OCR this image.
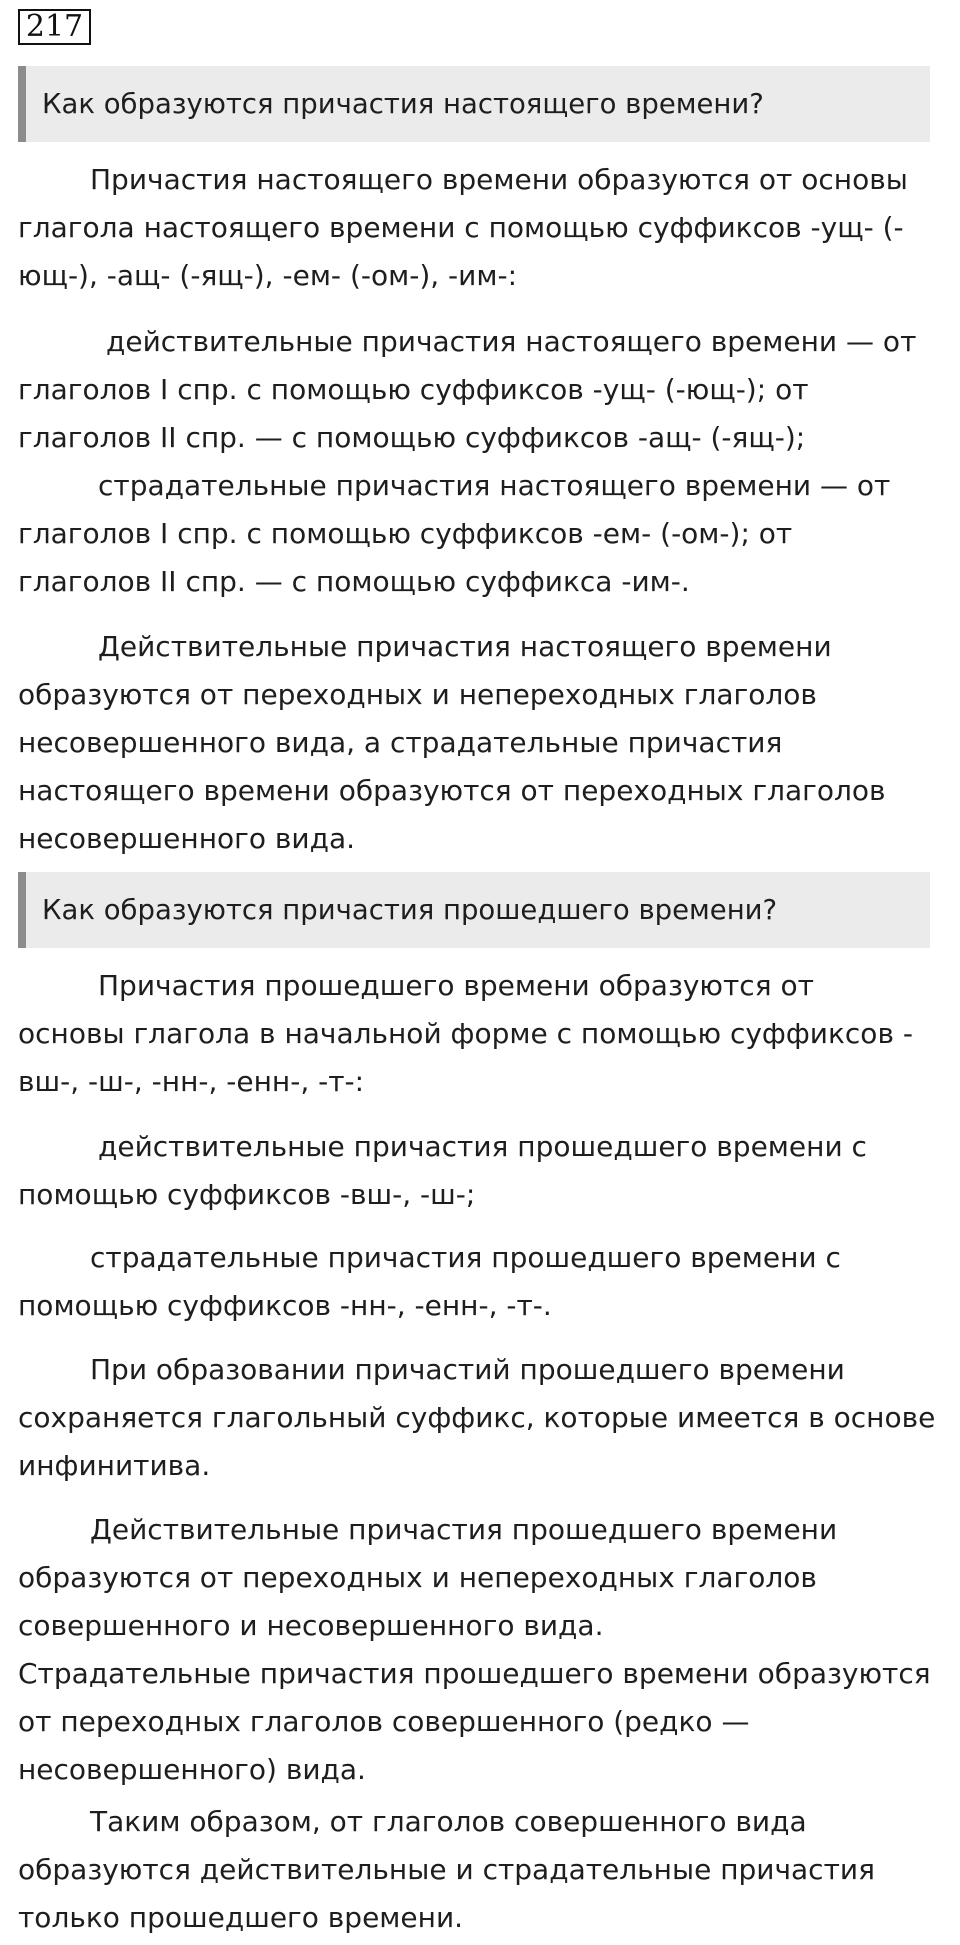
217
Как образуются причастия настоящего времени?
Причастия настоящего времени образуются от основы
глагола настоящего времени с помощью суффиксов -ущ- (-
ющ-), -ащ- (-ящ-), -ем- (-ом-), -им-:
действительные причастия настоящего времени — от
глаголов I спр. с помощью суффиксов -ущ- (-ющ-); от
глаголов II спр. — с помощью суффиксов -ащ- (-ящ-);
страдательные причастия настоящего времени — от
глаголов I спр. с помощью суффиксов -ем- (-ом-); от
глаголов II спр. — с помощью суффикса -им-.
Действительные причастия настоящего времени
образуются от переходных и непереходных глаголов
несовершенного вида, а страдательные причастия
настоящего времени образуются от переходных глаголов
несовершенного вида.
Как образуются причастия прошедшего времени?
Причастия прошедшего времени образуются от
основы глагола в начальной форме с помощью суффиксов -
вш-, -ш-, -нн-, -енн-, -т-:
действительные причастия прошедшего времени с
помощью суффиксов -вш-, -ш-;
страдательные причастия прошедшего времени с
помощью суффиксов -нн-, -енн-, -т-.
При образовании причастий прошедшего времени
сохраняется глагольный суффикс, которые имеется в основе
инфинитива.
Действительные причастия прошедшего времени
образуются от переходных и непереходных глаголов
совершенного и несовершенного вида.
Страдательные причастия прошедшего времени образуются
от переходных глаголов совершенного (редко —
несовершенного) вида.
Таким образом, от глаголов совершенного вида
образуются действительные и страдательные причастия
только прошедшего времени.
